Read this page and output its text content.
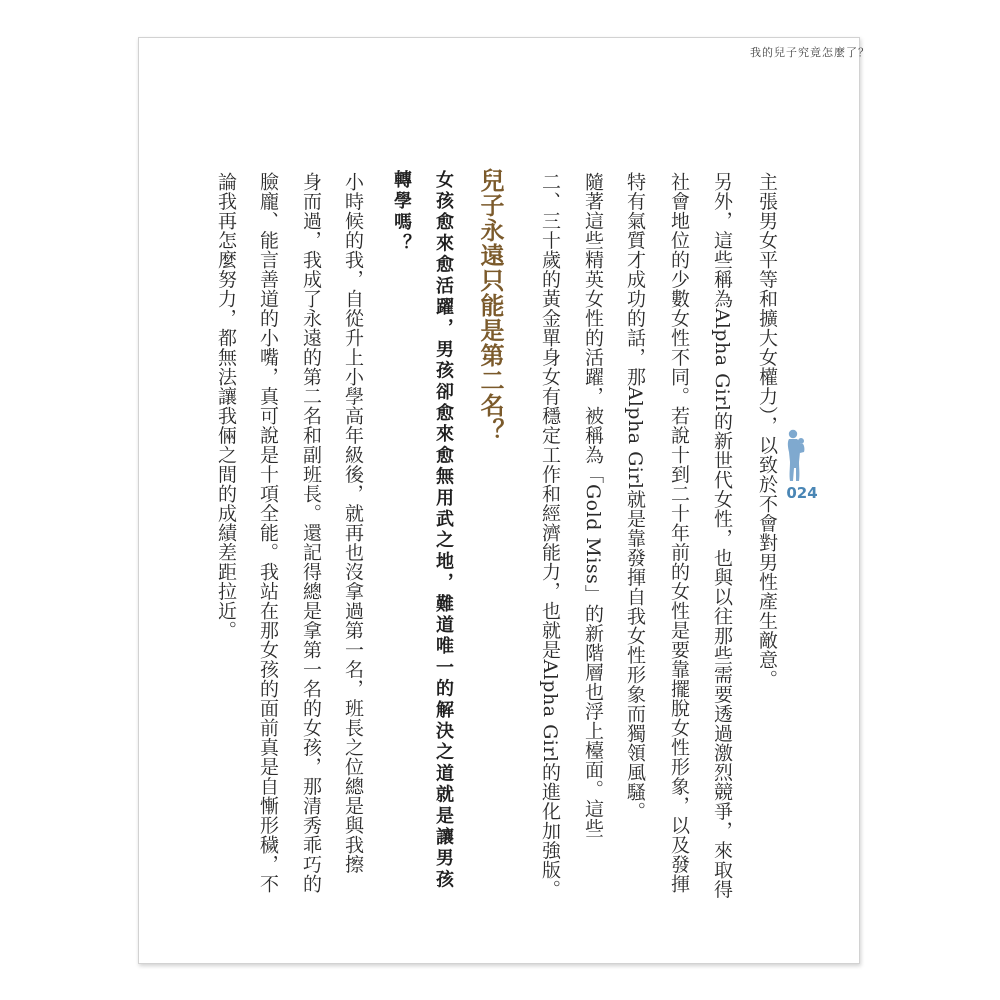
我的兒子究竟怎麼了？
024
主張男女平等和擴大女權力），以致於不會對男性產生敵意。
另外，這些稱為Alpha Girl的新世代女性，也與以往那些需要透過激烈競爭，來取得
社會地位的少數女性不同。若說十到二十年前的女性是要靠擺脫女性形象，以及發揮
特有氣質才成功的話，那Alpha Girl就是靠發揮自我女性形象而獨領風騷。
隨著這些精英女性的活躍，被稱為「Gold Miss」的新階層也浮上檯面。這些
二、三十歲的黃金單身女有穩定工作和經濟能力，也就是Alpha Girl的進化加強版。
兒子永遠只能是第二名？
女孩愈來愈活躍，男孩卻愈來愈無用武之地，難道唯一的解決之道就是讓男孩
轉學嗎？
小時候的我，自從升上小學高年級後，就再也沒拿過第一名，班長之位總是與我擦
身而過，我成了永遠的第二名和副班長。還記得總是拿第一名的女孩，那清秀乖巧的
臉龐、能言善道的小嘴，真可說是十項全能。我站在那女孩的面前真是自慚形穢，不
論我再怎麼努力，都無法讓我倆之間的成績差距拉近。
